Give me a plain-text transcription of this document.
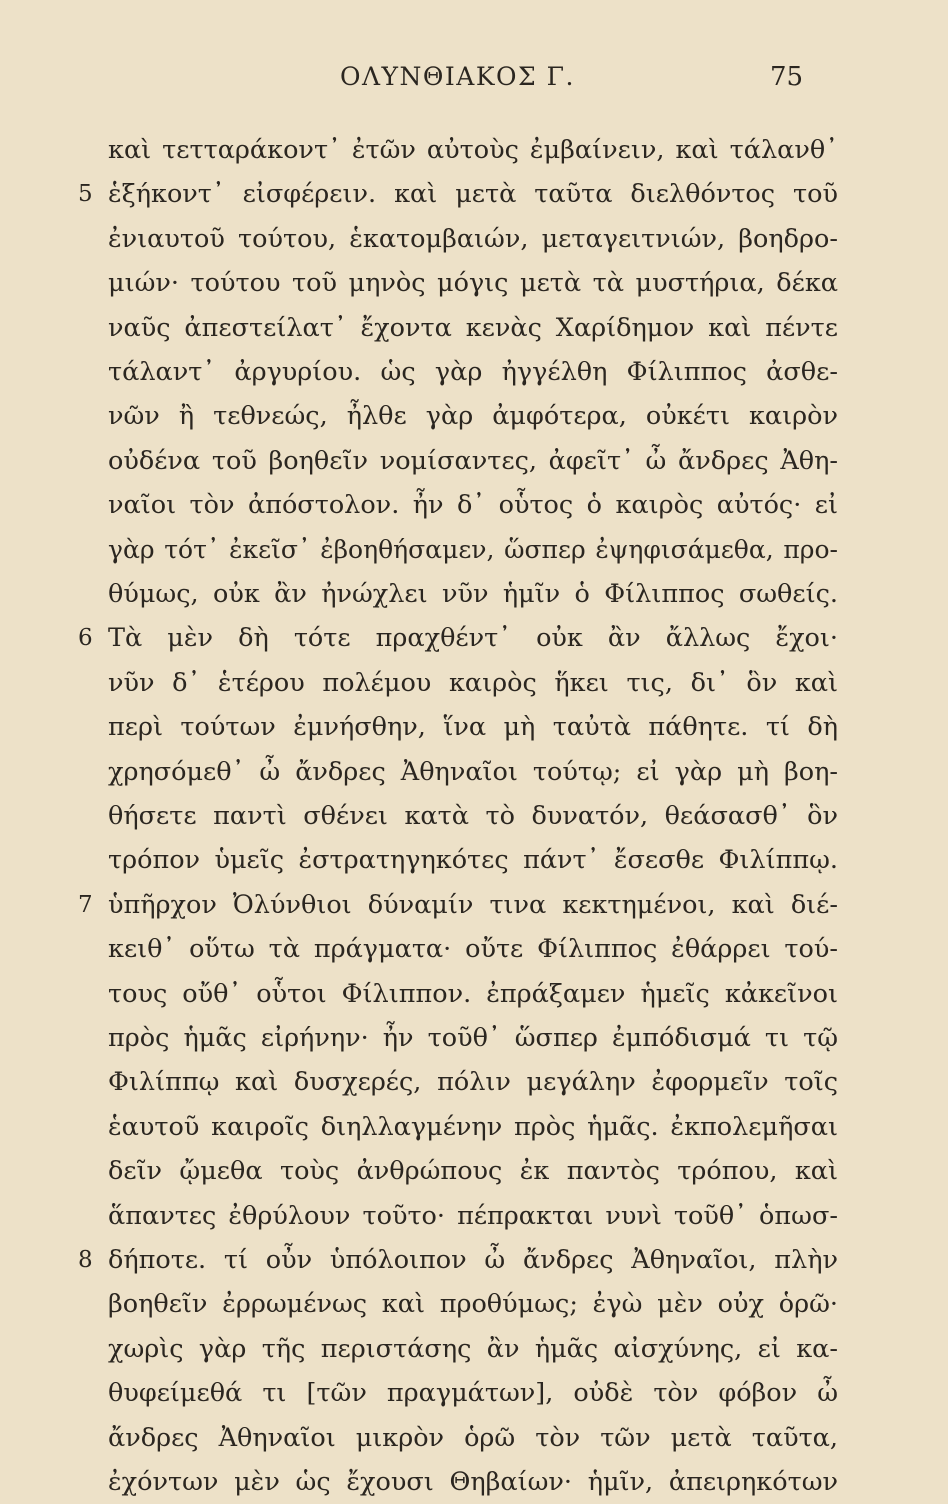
ΟΛΥΝΘΙΑΚΟΣ Γ.	75
καὶ τετταράκοντ᾽ ἐτῶν αὐτοὺς ἐμβαίνειν, καὶ τάλανθ᾽
5 ἑξήκοντ᾽ εἰσφέρειν. καὶ μετὰ ταῦτα διελθόντος τοῦ
ἐνιαυτοῦ τούτου, ἑκατομβαιών, μεταγειτνιών, βοηδρο-
μιών· τούτου τοῦ μηνὸς μόγις μετὰ τὰ μυστήρια, δέκα
ναῦς ἀπεστείλατ᾽ ἔχοντα κενὰς Χαρίδημον καὶ πέντε
τάλαντ᾽ ἀργυρίου. ὡς γὰρ ἠγγέλθη Φίλιππος ἀσθε-
νῶν ἢ τεθνεώς, ἦλθε γὰρ ἀμφότερα, οὐκέτι καιρὸν
οὐδένα τοῦ βοηθεῖν νομίσαντες, ἀφεῖτ᾽ ὦ ἄνδρες Ἀθη-
ναῖοι τὸν ἀπόστολον. ἦν δ᾽ οὗτος ὁ καιρὸς αὐτός· εἰ
γὰρ τότ᾽ ἐκεῖσ᾽ ἐβοηθήσαμεν, ὥσπερ ἐψηφισάμεθα, προ-
θύμως, οὐκ ἂν ἠνώχλει νῦν ἡμῖν ὁ Φίλιππος σωθείς.
6 Τὰ μὲν δὴ τότε πραχθέντ᾽ οὐκ ἂν ἄλλως ἔχοι·
νῦν δ᾽ ἑτέρου πολέμου καιρὸς ἥκει τις, δι᾽ ὃν καὶ
περὶ τούτων ἐμνήσθην, ἵνα μὴ ταὐτὰ πάθητε. τί δὴ
χρησόμεθ᾽ ὦ ἄνδρες Ἀθηναῖοι τούτῳ; εἰ γὰρ μὴ βοη-
θήσετε παντὶ σθένει κατὰ τὸ δυνατόν, θεάσασθ᾽ ὃν
τρόπον ὑμεῖς ἐστρατηγηκότες πάντ᾽ ἔσεσθε Φιλίππῳ.
7 ὑπῆρχον Ὀλύνθιοι δύναμίν τινα κεκτημένοι, καὶ διέ-
κειθ᾽ οὕτω τὰ πράγματα· οὔτε Φίλιππος ἐθάρρει τού-
τους οὔθ᾽ οὗτοι Φίλιππον. ἐπράξαμεν ἡμεῖς κἀκεῖνοι
πρὸς ἡμᾶς εἰρήνην· ἦν τοῦθ᾽ ὥσπερ ἐμπόδισμά τι τῷ
Φιλίππῳ καὶ δυσχερές, πόλιν μεγάλην ἐφορμεῖν τοῖς
ἑαυτοῦ καιροῖς διηλλαγμένην πρὸς ἡμᾶς. ἐκπολεμῆσαι
δεῖν ᾤμεθα τοὺς ἀνθρώπους ἐκ παντὸς τρόπου, καὶ
ἅπαντες ἐθρύλουν τοῦτο· πέπρακται νυνὶ τοῦθ᾽ ὁπωσ-
8 δήποτε. τί οὖν ὑπόλοιπον ὦ ἄνδρες Ἀθηναῖοι, πλὴν
βοηθεῖν ἐρρωμένως καὶ προθύμως; ἐγὼ μὲν οὐχ ὁρῶ·
χωρὶς γὰρ τῆς περιστάσης ἂν ἡμᾶς αἰσχύνης, εἰ κα-
θυφείμεθά τι [τῶν πραγμάτων], οὐδὲ τὸν φόβον ὦ
ἄνδρες Ἀθηναῖοι μικρὸν ὁρῶ τὸν τῶν μετὰ ταῦτα,
ἐχόντων μὲν ὡς ἔχουσι Θηβαίων· ἡμῖν, ἀπειρηκότων
